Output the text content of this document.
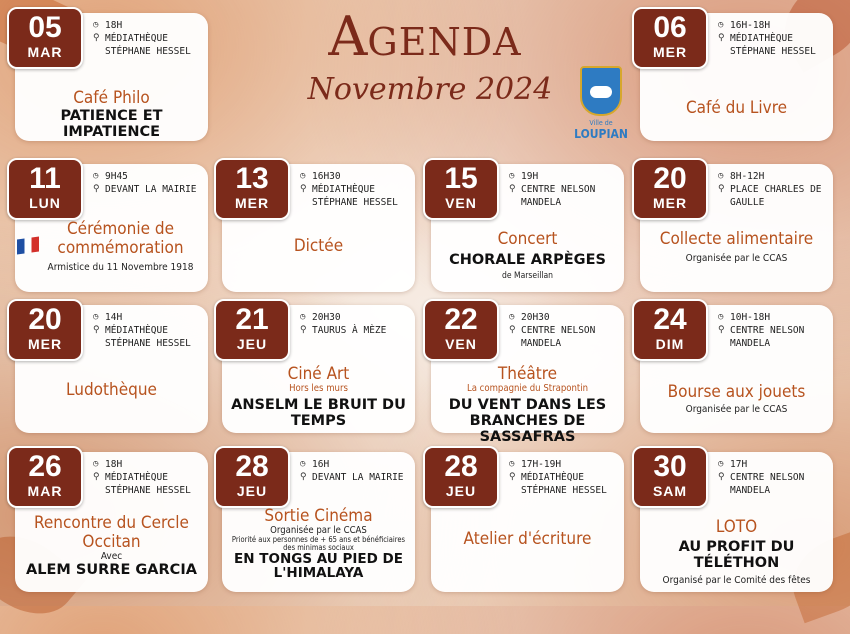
AGENDA
Novembre 2024
Ville de
LOUPIAN
05
MAR
◷ 18H
⚲ MÉDIATHÈQUE STÉPHANE HESSEL
Café Philo
PATIENCE ET IMPATIENCE
06
MER
◷ 16H-18H
⚲ MÉDIATHÈQUE STÉPHANE HESSEL
Café du Livre
11
LUN
◷ 9H45
⚲ DEVANT LA MAIRIE
Cérémonie de commémoration
Armistice du 11 Novembre 1918
13
MER
◷ 16H30
⚲ MÉDIATHÈQUE STÉPHANE HESSEL
Dictée
15
VEN
◷ 19H
⚲ CENTRE NELSON MANDELA
Concert
CHORALE ARPÈGES
de Marseillan
20
MER
◷ 8H-12H
⚲ PLACE CHARLES DE GAULLE
Collecte alimentaire
Organisée par le CCAS
20
MER
◷ 14H
⚲ MÉDIATHÈQUE STÉPHANE HESSEL
Ludothèque
21
JEU
◷ 20H30
⚲ TAURUS À MÈZE
Ciné Art
Hors les murs
ANSELM LE BRUIT DU TEMPS
22
VEN
◷ 20H30
⚲ CENTRE NELSON MANDELA
Théâtre
La compagnie du Strapontin
DU VENT DANS LES BRANCHES DE SASSAFRAS
24
DIM
◷ 10H-18H
⚲ CENTRE NELSON MANDELA
Bourse aux jouets
Organisée par le CCAS
26
MAR
◷ 18H
⚲ MÉDIATHÈQUE STÉPHANE HESSEL
Rencontre du Cercle Occitan
Avec
ALEM SURRE GARCIA
28
JEU
◷ 16H
⚲ DEVANT LA MAIRIE
Sortie Cinéma
Organisée par le CCAS
Priorité aux personnes de + 65 ans et bénéficiaires des minimas sociaux
EN TONGS AU PIED DE L'HIMALAYA
28
JEU
◷ 17H-19H
⚲ MÉDIATHÈQUE STÉPHANE HESSEL
Atelier d'écriture
30
SAM
◷ 17H
⚲ CENTRE NELSON MANDELA
LOTO
AU PROFIT DU TÉLÉTHON
Organisé par le Comité des fêtes
